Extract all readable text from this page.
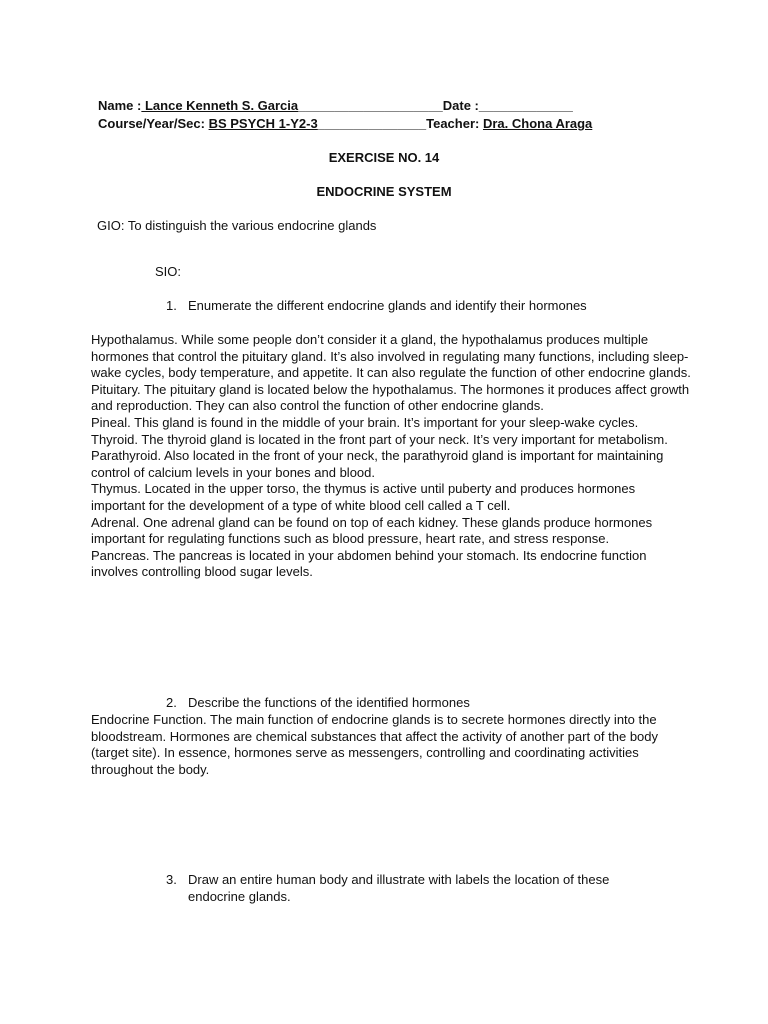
Name : Lance Kenneth S. Garcia____________________Date :_____________
Course/Year/Sec: BS PSYCH 1-Y2-3_______________Teacher: Dra. Chona Araga
EXERCISE NO. 14
ENDOCRINE SYSTEM
GIO: To distinguish the various endocrine glands
SIO:
1. Enumerate the different endocrine glands and identify their hormones

Hypothalamus. While some people don’t consider it a gland, the hypothalamus produces multiple hormones that control the pituitary gland. It’s also involved in regulating many functions, including sleep-wake cycles, body temperature, and appetite. It can also regulate the function of other endocrine glands.

Pituitary. The pituitary gland is located below the hypothalamus. The hormones it produces affect growth and reproduction. They can also control the function of other endocrine glands.

Pineal. This gland is found in the middle of your brain. It’s important for your sleep-wake cycles.

Thyroid. The thyroid gland is located in the front part of your neck. It’s very important for metabolism.

Parathyroid. Also located in the front of your neck, the parathyroid gland is important for maintaining control of calcium levels in your bones and blood.

Thymus. Located in the upper torso, the thymus is active until puberty and produces hormones important for the development of a type of white blood cell called a T cell.

Adrenal. One adrenal gland can be found on top of each kidney. These glands produce hormones important for regulating functions such as blood pressure, heart rate, and stress response.

Pancreas. The pancreas is located in your abdomen behind your stomach. Its endocrine function involves controlling blood sugar levels.

2. Describe the functions of the identified hormones

Endocrine Function. The main function of endocrine glands is to secrete hormones directly into the bloodstream. Hormones are chemical substances that affect the activity of another part of the body (target site). In essence, hormones serve as messengers, controlling and coordinating activities throughout the body.

3. Draw an entire human body and illustrate with labels the location of these
endocrine glands.
